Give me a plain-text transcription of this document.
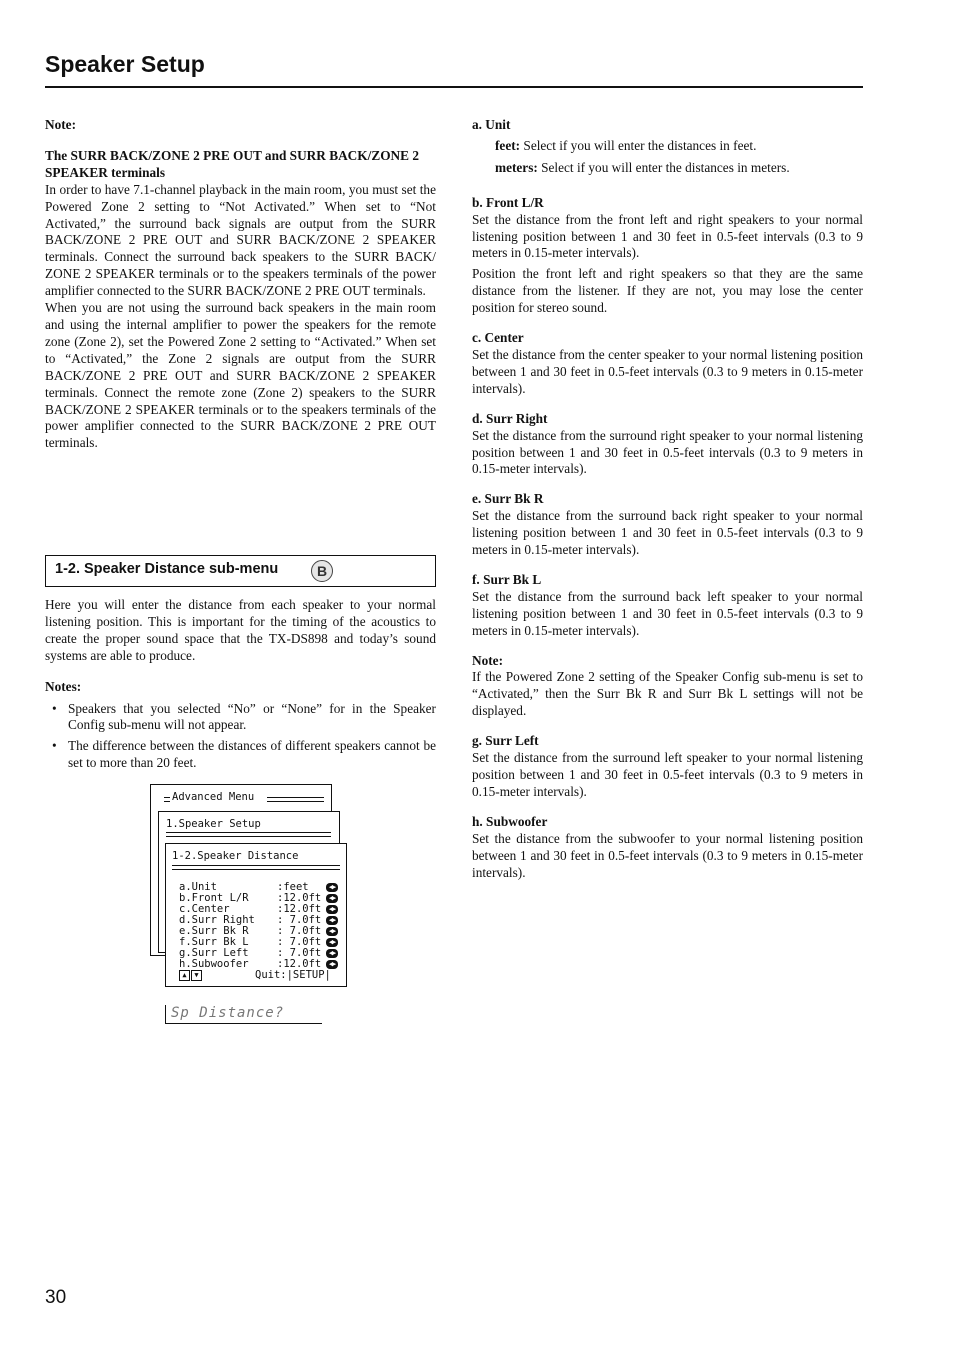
Speaker Setup

Note:

The SURR BACK/ZONE 2 PRE OUT and SURR BACK/ZONE 2 SPEAKER terminals

In order to have 7.1-channel playback in the main room, you must set the Powered Zone 2 setting to “Not Activated.” When set to “Not Activated,” the surround back signals are output from the SURR BACK/ZONE 2 PRE OUT and SURR BACK/ZONE 2 SPEAKER terminals. Connect the surround back speakers to the SURR BACK/ ZONE 2 SPEAKER terminals or to the speakers terminals of the power amplifier connected to the SURR BACK/ZONE 2 PRE OUT terminals.

When you are not using the surround back speakers in the main room and using the internal amplifier to power the speakers for the remote zone (Zone 2), set the Powered Zone 2 setting to “Activated.” When set to “Activated,” the Zone 2 signals are output from the SURR BACK/ZONE 2 PRE OUT and SURR BACK/ZONE 2 SPEAKER terminals. Connect the remote zone (Zone 2) speakers to the SURR BACK/ZONE 2 SPEAKER terminals or to the speakers terminals of the power amplifier connected to the SURR BACK/ZONE 2 PRE OUT terminals.

1-2. Speaker Distance sub-menu	B

Here you will enter the distance from each speaker to your normal listening position. This is important for the timing of the acoustics to create the proper sound space that the TX-DS898 and today’s sound systems are able to produce.

Notes:

• Speakers that you selected “No” or “None” for in the Speaker Config sub-menu will not appear.
• The difference between the distances of different speakers cannot be set to more than 20 feet.
Advanced Menu
1.Speaker Setup
1-2.Speaker Distance
a.Unit	:feet	◀▶
b.Front L/R	:12.0ft	◀▶
c.Center	:12.0ft	◀▶
d.Surr Right : 7.0ft	◀▶
e.Surr Bk R	: 7.0ft	◀▶
f.Surr Bk L	: 7.0ft	◀▶
g.Surr Left	: 7.0ft	◀▶
h.Subwoofer	:12.0ft	◀▶
▲ ▼	Quit:|SETUP|
Sp Distance?

a. Unit

feet: Select if you will enter the distances in feet.
meters: Select if you will enter the distances in meters.

b. Front L/R

Set the distance from the front left and right speakers to your normal listening position between 1 and 30 feet in 0.5-feet intervals (0.3 to 9 meters in 0.15-meter intervals).

Position the front left and right speakers so that they are the same distance from the listener. If they are not, you may lose the center position for stereo sound.

c. Center

Set the distance from the center speaker to your normal listening position between 1 and 30 feet in 0.5-feet intervals (0.3 to 9 meters in 0.15-meter intervals).

d. Surr Right

Set the distance from the surround right speaker to your normal listening position between 1 and 30 feet in 0.5-feet intervals (0.3 to 9 meters in 0.15-meter intervals).

e. Surr Bk R

Set the distance from the surround back right speaker to your normal listening position between 1 and 30 feet in 0.5-feet intervals (0.3 to 9 meters in 0.15-meter intervals).

f. Surr Bk L

Set the distance from the surround back left speaker to your normal listening position between 1 and 30 feet in 0.5-feet intervals (0.3 to 9 meters in 0.15-meter intervals).

Note:

If the Powered Zone 2 setting of the Speaker Config sub-menu is set to “Activated,” then the Surr Bk R and Surr Bk L settings will not be displayed.

g. Surr Left

Set the distance from the surround left speaker to your normal listening position between 1 and 30 feet in 0.5-feet intervals (0.3 to 9 meters in 0.15-meter intervals).

h. Subwoofer

Set the distance from the subwoofer to your normal listening position between 1 and 30 feet in 0.5-feet intervals (0.3 to 9 meters in 0.15-meter intervals).

30
